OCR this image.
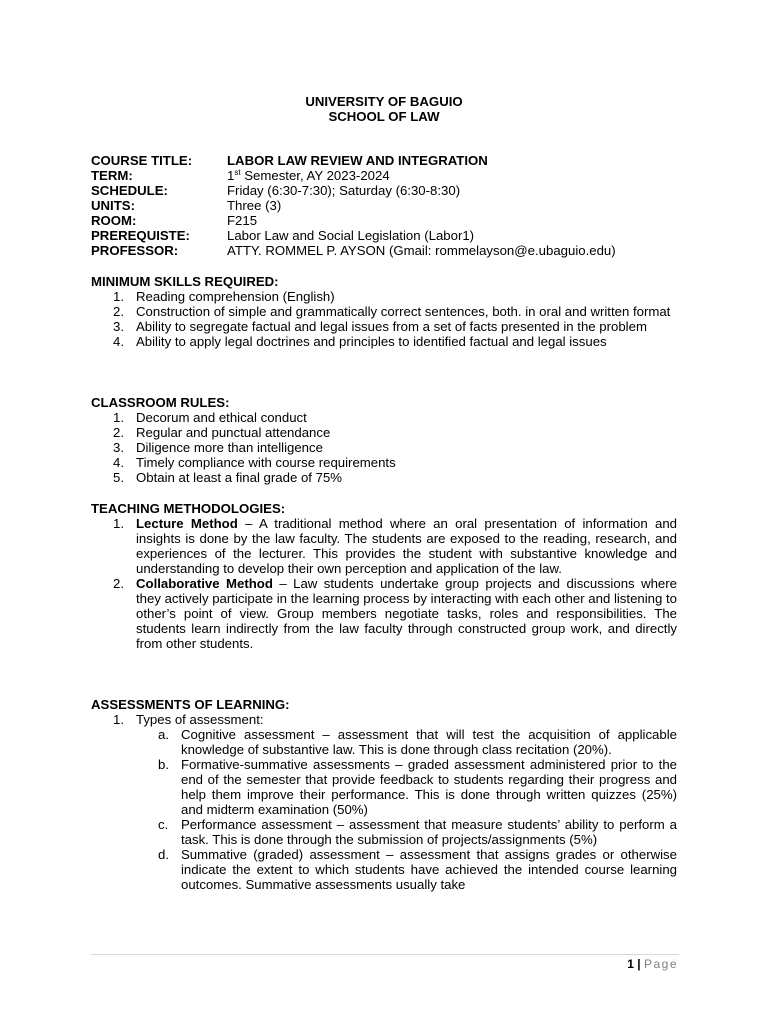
UNIVERSITY OF BAGUIO
SCHOOL OF LAW
COURSE TITLE:	LABOR LAW REVIEW AND INTEGRATION
TERM:	1st Semester, AY 2023-2024
SCHEDULE:	Friday (6:30-7:30); Saturday (6:30-8:30)
UNITS:	Three (3)
ROOM:	F215
PREREQUISTE:	Labor Law and Social Legislation (Labor1)
PROFESSOR:	ATTY. ROMMEL P. AYSON (Gmail: rommelayson@e.ubaguio.edu)
MINIMUM SKILLS REQUIRED:
1. Reading comprehension (English)
2. Construction of simple and grammatically correct sentences, both. in oral and written format
3. Ability to segregate factual and legal issues from a set of facts presented in the problem
4. Ability to apply legal doctrines and principles to identified factual and legal issues
CLASSROOM RULES:
1. Decorum and ethical conduct
2. Regular and punctual attendance
3. Diligence more than intelligence
4. Timely compliance with course requirements
5. Obtain at least a final grade of 75%
TEACHING METHODOLOGIES:
1. Lecture Method – A traditional method where an oral presentation of information and insights is done by the law faculty. The students are exposed to the reading, research, and experiences of the lecturer. This provides the student with substantive knowledge and understanding to develop their own perception and application of the law.
2. Collaborative Method – Law students undertake group projects and discussions where they actively participate in the learning process by interacting with each other and listening to other’s point of view. Group members negotiate tasks, roles and responsibilities. The students learn indirectly from the law faculty through constructed group work, and directly from other students.
ASSESSMENTS OF LEARNING:
1. Types of assessment:
a. Cognitive assessment – assessment that will test the acquisition of applicable knowledge of substantive law. This is done through class recitation (20%).
b. Formative-summative assessments – graded assessment administered prior to the end of the semester that provide feedback to students regarding their progress and help them improve their performance. This is done through written quizzes (25%) and midterm examination (50%)
c. Performance assessment – assessment that measure students’ ability to perform a task. This is done through the submission of projects/assignments (5%)
d. Summative (graded) assessment – assessment that assigns grades or otherwise indicate the extent to which students have achieved the intended course learning outcomes. Summative assessments usually take
1 | Page
